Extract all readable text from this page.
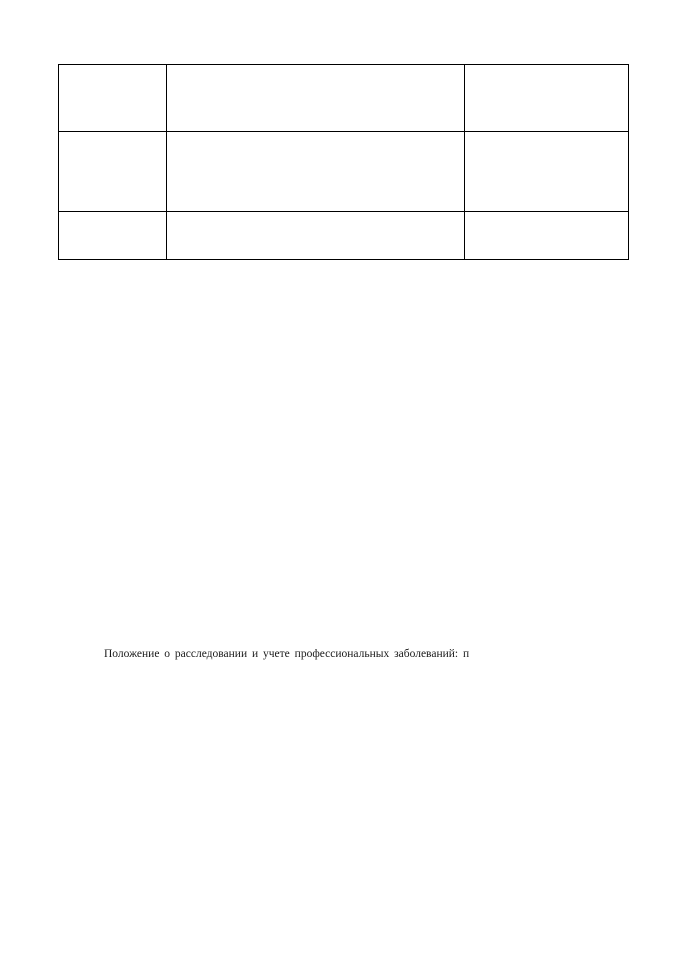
Положение о расследовании и учете профессиональных заболеваний: п
